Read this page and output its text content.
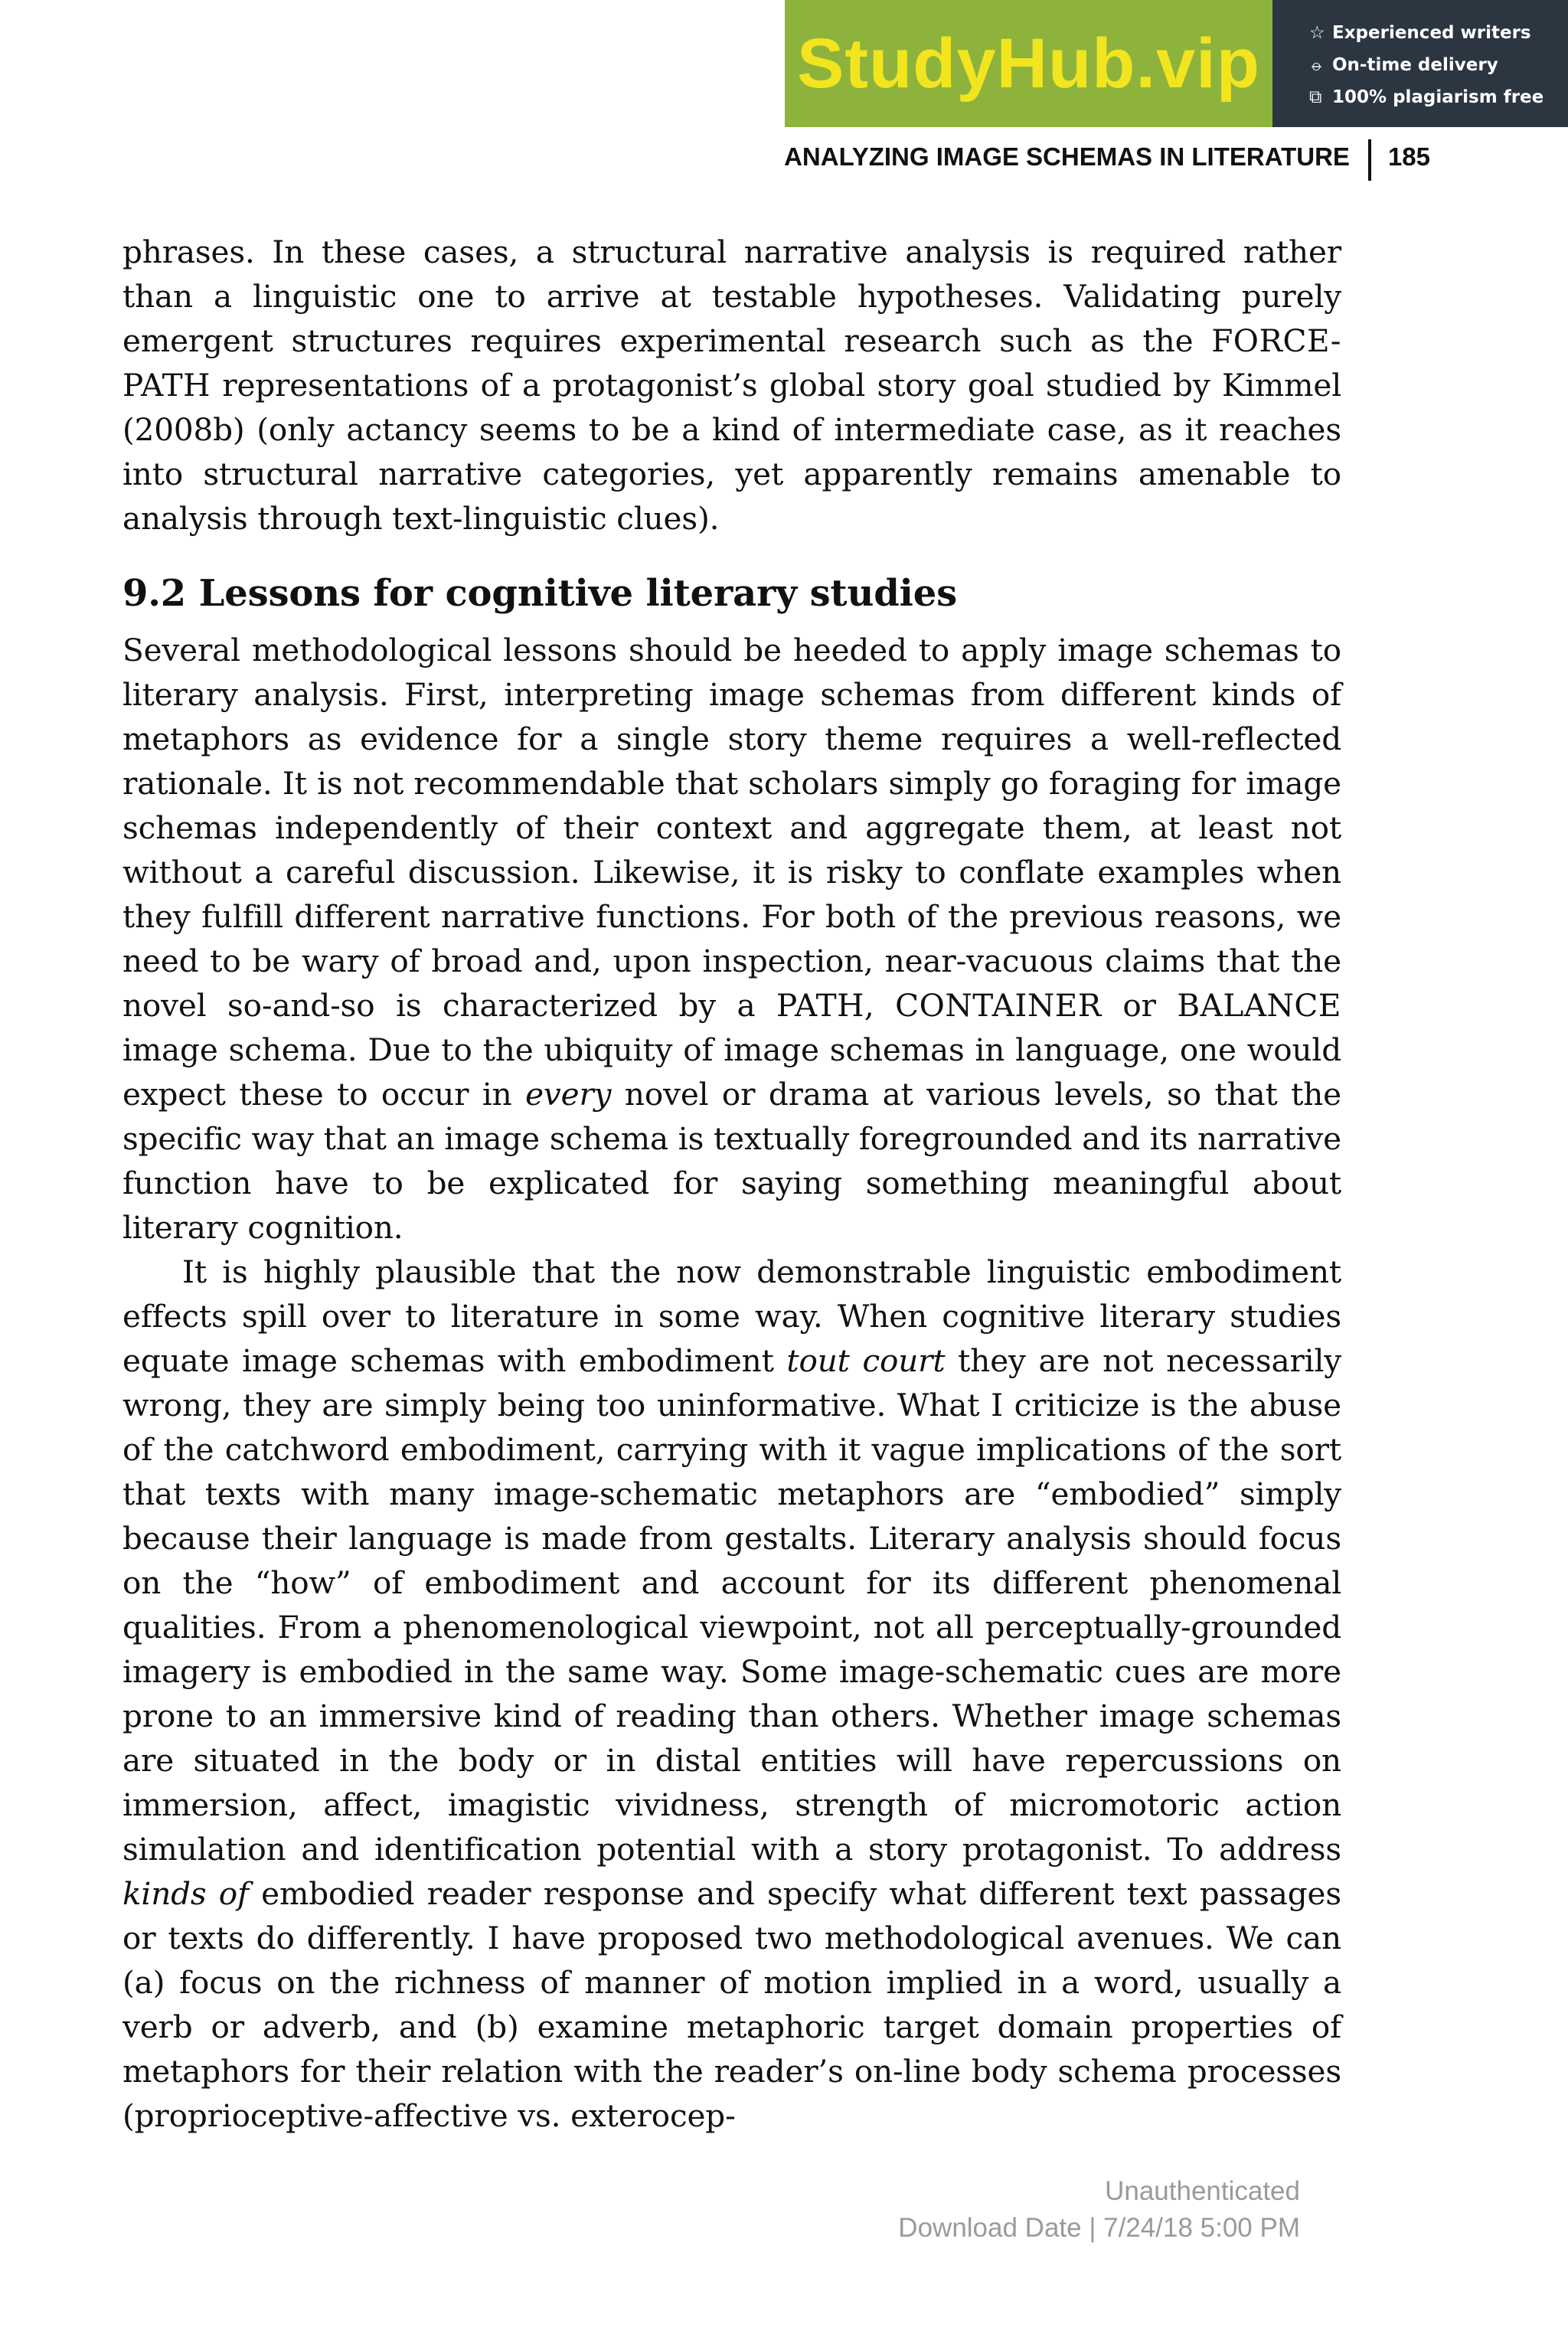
StudyHub.vip	☆ Experienced writers
⦵ On-time delivery
⧉ 100% plagiarism free
ANALYZING IMAGE SCHEMAS IN LITERATURE 185

phrases. In these cases, a structural narrative analysis is required rather than a linguistic one to arrive at testable hypotheses. Validating purely emergent structures requires experimental research such as the FORCE-PATH representations of a protagonist’s global story goal studied by Kimmel (2008b) (only actancy seems to be a kind of intermediate case, as it reaches into structural narrative categories, yet apparently remains amenable to analysis through text-linguistic clues).

9.2 Lessons for cognitive literary studies

Several methodological lessons should be heeded to apply image schemas to literary analysis. First, interpreting image schemas from different kinds of metaphors as evidence for a single story theme requires a well-reflected rationale. It is not recommendable that scholars simply go foraging for image schemas independently of their context and aggregate them, at least not without a careful discussion. Likewise, it is risky to conflate examples when they fulfill different narrative functions. For both of the previous reasons, we need to be wary of broad and, upon inspection, near-vacuous claims that the novel so-and-so is characterized by a PATH, CONTAINER or BALANCE image schema. Due to the ubiquity of image schemas in language, one would expect these to occur in every novel or drama at various levels, so that the specific way that an image schema is textually foregrounded and its narrative function have to be explicated for saying something meaningful about literary cognition.

It is highly plausible that the now demonstrable linguistic embodiment effects spill over to literature in some way. When cognitive literary studies equate image schemas with embodiment tout court they are not necessarily wrong, they are simply being too uninformative. What I criticize is the abuse of the catchword embodiment, carrying with it vague implications of the sort that texts with many image-schematic metaphors are “embodied” simply because their language is made from gestalts. Literary analysis should focus on the “how” of embodiment and account for its different phenomenal qualities. From a phenomenological viewpoint, not all perceptually-grounded imagery is embodied in the same way. Some image-schematic cues are more prone to an immersive kind of reading than others. Whether image schemas are situated in the body or in distal entities will have repercussions on immersion, affect, imagistic vividness, strength of micromotoric action simulation and identification potential with a story protagonist. To address kinds of embodied reader response and specify what different text passages or texts do differently. I have proposed two methodological avenues. We can (a) focus on the richness of manner of motion implied in a word, usually a verb or adverb, and (b) examine metaphoric target domain properties of metaphors for their relation with the reader’s on-line body schema processes (proprioceptive-affective vs. exterocep-

Unauthenticated
Download Date | 7/24/18 5:00 PM
